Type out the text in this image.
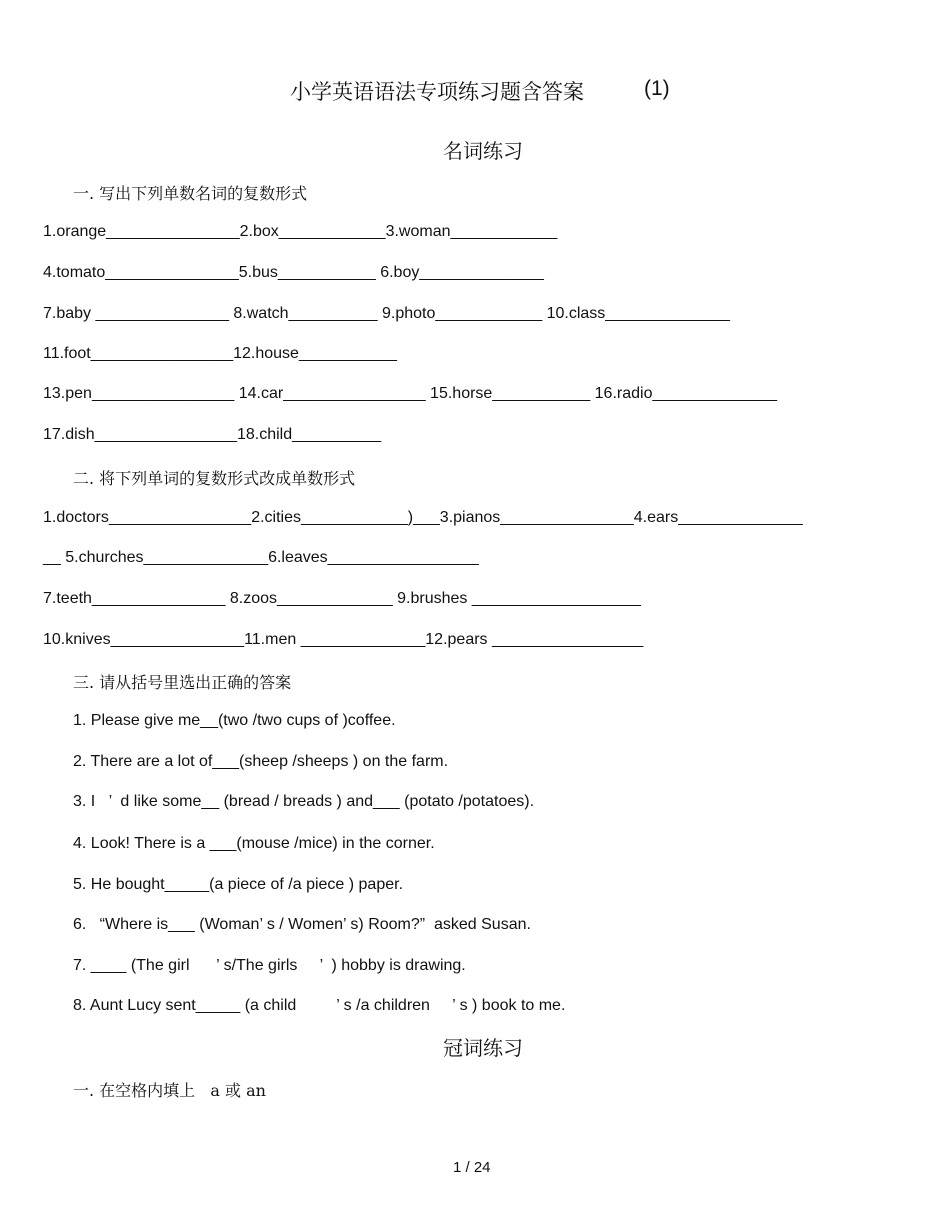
小学英语语法专项练习题含答案	(1)
名词练习
一. 写出下列单数名词的复数形式
1.orange_______________2.box____________3.woman____________
4.tomato_______________5.bus___________ 6.boy______________
7.baby _______________ 8.watch__________ 9.photo____________ 10.class______________
11.foot________________12.house___________
13.pen________________ 14.car________________ 15.horse___________ 16.radio______________
17.dish________________18.child__________
二. 将下列单词的复数形式改成单数形式
1.doctors________________2.cities____________)___3.pianos_______________4.ears______________
__ 5.churches______________6.leaves_________________
7.teeth_______________ 8.zoos_____________ 9.brushes ___________________
10.knives_______________11.men ______________12.pears _________________
三. 请从括号里选出正确的答案
1. Please give me__(two /two cups of )coffee.
2. There are a lot of___(sheep /sheeps ) on the farm.
3. I   ’  d like some__ (bread / breads ) and___ (potato /potatoes).
4. Look! There is a ___(mouse /mice) in the corner.
5. He bought_____(a piece of /a piece ) paper.
6.   “Where is___ (Woman’ s / Women’ s) Room?”  asked Susan.
7. ____ (The girl      ’ s/The girls     ’  ) hobby is drawing.
8. Aunt Lucy sent_____ (a child         ’ s /a children     ’ s ) book to me.
冠词练习
一. 在空格内填上   a 或 an
1 / 24
